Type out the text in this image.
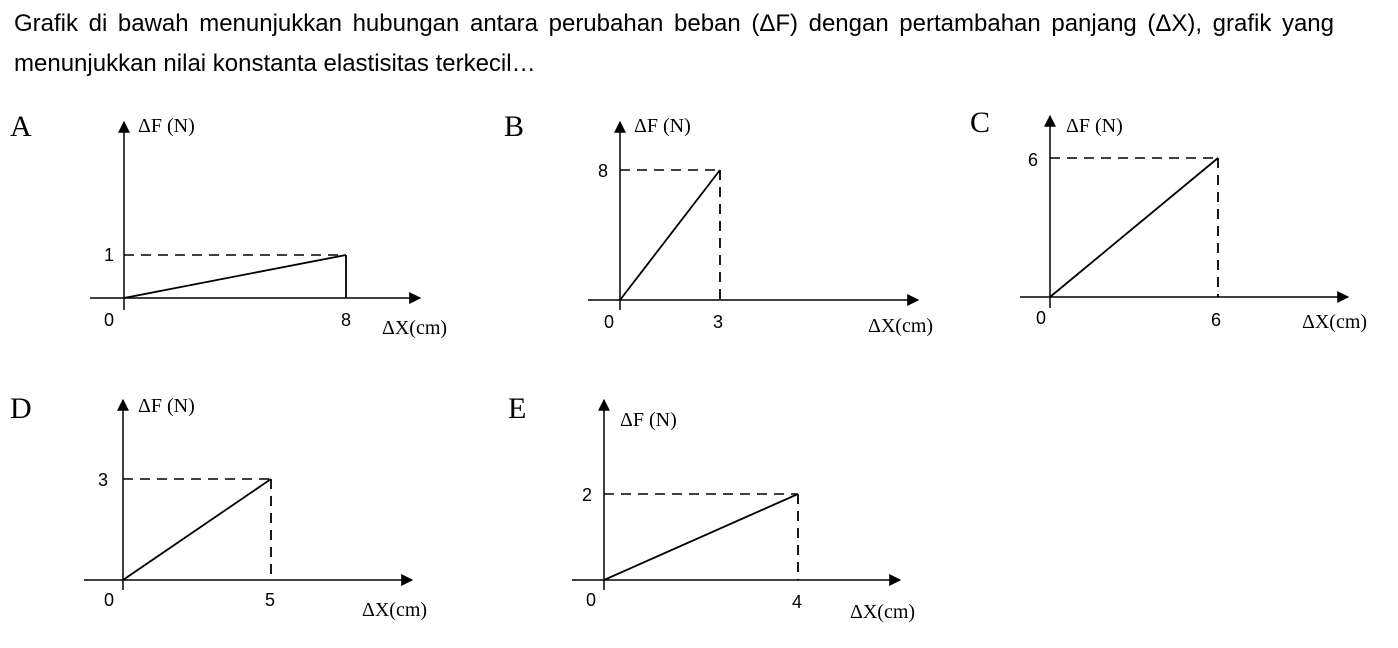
Grafik di bawah menunjukkan hubungan antara perubahan beban (ΔF) dengan pertambahan panjang (ΔX), grafik yang menunjukkan nilai konstanta elastisitas terkecil…
A	ΔF (N)
1
0	8 ΔX(cm)
B	ΔF (N)
8
0	3	ΔX(cm)
C	ΔF (N)
6
0	6	ΔX(cm)
D	ΔF (N)
3
0	5	ΔX(cm)
E	ΔF (N)
2
0	4 ΔX(cm)
